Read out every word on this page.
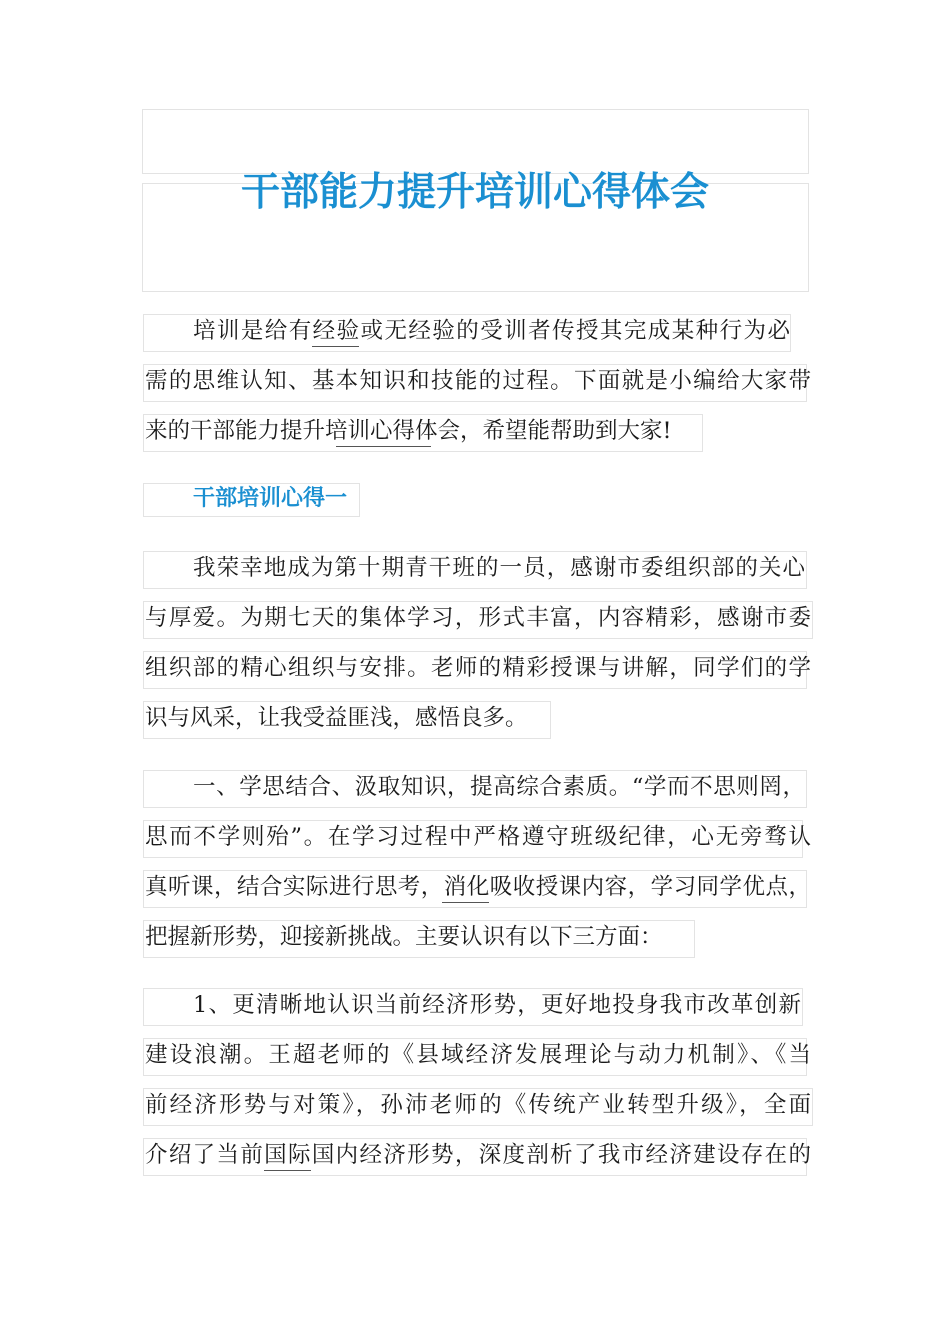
干部能力提升培训心得体会

培训是给有经验或无经验的受训者传授其完成某种行为必

需的思维认知、基本知识和技能的过程。下面就是小编给大家带

来的干部能力提升培训心得体会，希望能帮助到大家!

干部培训心得一

我荣幸地成为第十期青干班的一员，感谢市委组织部的关心

与厚爱。为期七天的集体学习，形式丰富，内容精彩，感谢市委

组织部的精心组织与安排。老师的精彩授课与讲解，同学们的学

识与风采，让我受益匪浅，感悟良多。

一、学思结合、汲取知识，提高综合素质。“学而不思则罔，

思而不学则殆”。在学习过程中严格遵守班级纪律，心无旁骛认

真听课，结合实际进行思考，消化吸收授课内容，学习同学优点，

把握新形势，迎接新挑战。主要认识有以下三方面：

1、更清晰地认识当前经济形势，更好地投身我市改革创新

建设浪潮。王超老师的《县域经济发展理论与动力机制》、《当

前经济形势与对策》，孙沛老师的《传统产业转型升级》，全面

介绍了当前国际国内经济形势，深度剖析了我市经济建设存在的
